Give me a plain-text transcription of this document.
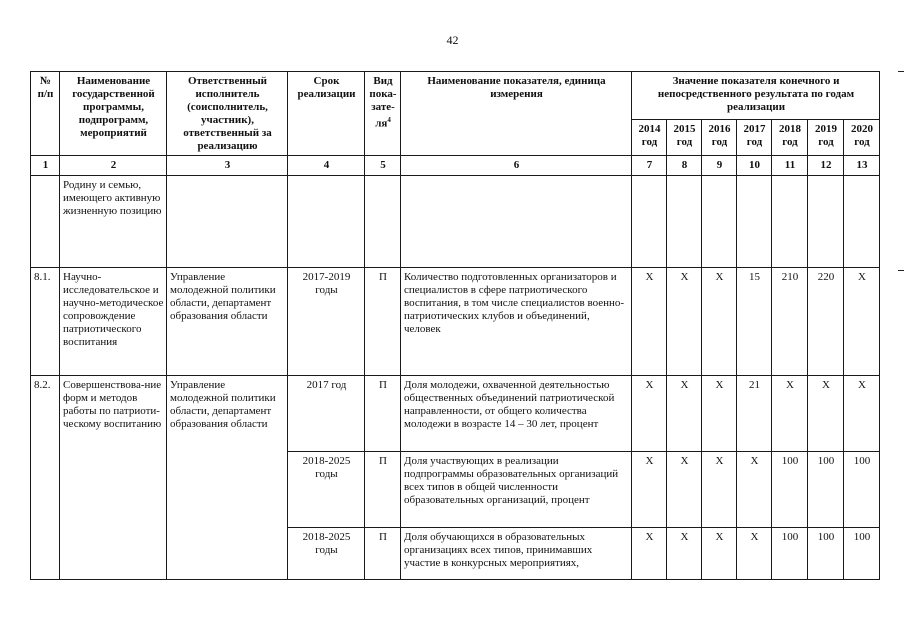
42
№ п/п	Наименование государственной программы, подпрограмм, мероприятий	Ответственный исполнитель (соисполнитель, участник), ответственный за реализацию	Срок реализации	Вид пока-$зате-ля^4$	Наименование показателя, единица измерения	Значение показателя конечного и непосредственного результата по годам реализации						
						2014 год	2015 год	2016 год	2017 год	2018 год	2019 год	2020 год
1	2	3	4	5	6	7	8	9	10	11	12	13
	Родину и семью, имеющего активную жизненную позицию											
8.1.	Научно-исследовательское и научно-методическое сопровождение патриотического воспитания	Управление молодежной политики области, департамент образования области	2017-2019 годы	П	Количество подготовленных организаторов и специалистов в сфере патриотического воспитания, в том числе специалистов военно-патриотических клубов и объединений, человек	Х	Х	Х	15	210	220	Х
8.2.	Совершенствова-ние форм и методов работы по патриоти-ческому воспитанию	Управление молодежной политики области, департамент образования области	2017 год	П	Доля молодежи, охваченной деятельностью общественных объединений патриотической направленности, от общего количества молодежи в возрасте 14 – 30 лет, процент	Х	Х	Х	21	Х	Х	Х
			2018-2025 годы	П	Доля участвующих в реализации подпрограммы образовательных организаций всех типов в общей численности образовательных организаций, процент	Х	Х	Х	Х	100	100	100
			2018-2025 годы	П	Доля обучающихся в образовательных организациях всех типов, принимавших участие в конкурсных мероприятиях,	Х	Х	Х	Х	100	100	100
